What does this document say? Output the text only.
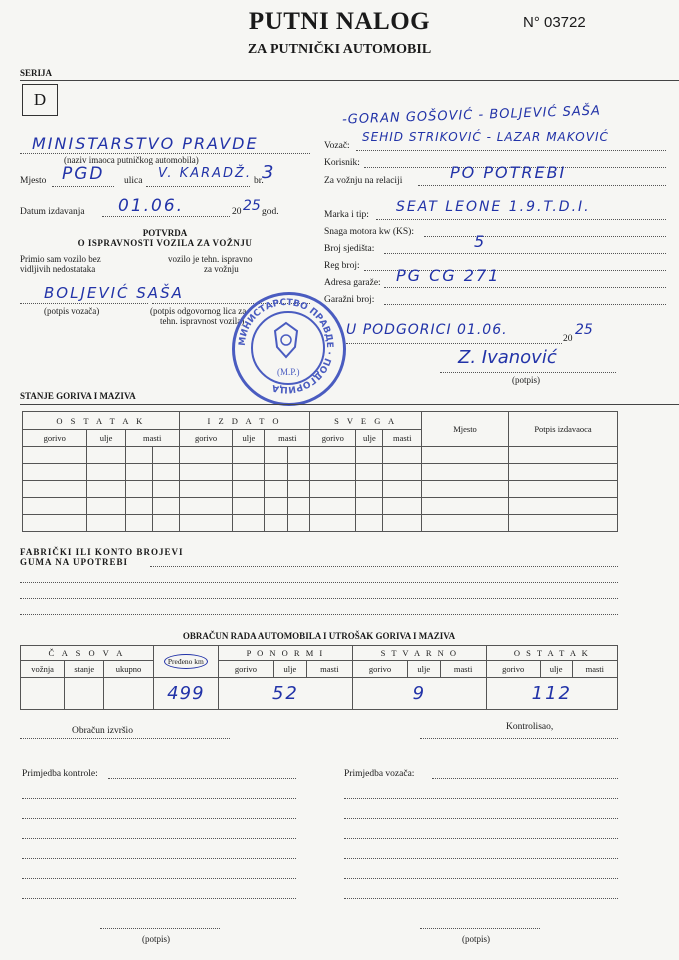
PUTNI NALOG	N° 03722
ZA PUTNIČKI AUTOMOBIL
SERIJA
D
MINISTARSTVO PRAVDE
(naziv imaoca putničkog automobila)
Mjesto PGD ulica V. KARADŽ. br.
3
Datum izdavanja 01.06.	20 25 god.
POTVRDA
O ISPRAVNOSTI VOZILA ZA VOŽNJU
Primio sam vozilo bez
vidljivih nedostataka
vozilo je tehn. ispravno
za vožnju
BOLJEVIĆ SAŠA
(potpis vozača)	(potpis odgovornog lica za
tehn. ispravnost vozila)
МИНИСТАРСТВО ПРАВДЕ · ПОДГОРИЦА
(M.P.)
-GORAN GOŠOVIĆ - BOLJEVIĆ SAŠA
Vozač:
SEHID STRIKOVIĆ - LAZAR MAKOVIĆ
Korisnik:
Za vožnju na relaciji	PO POTREBI
Marka i tip: SEAT LEONE 1.9.T.D.I.
Snaga motora kw (KS):
Broj sjedišta:	5
Reg broj:
Adresa garaže: PG CG 271
Garažni broj:
U PODGORICI 01.06.
20
25
Z. Ivanović
(potpis)
STANJE GORIVA I MAZIVA
O S T A T A K				I Z D A T O				S V E G A			Mjesto	Potpis izdavaoca
gorivo	ulje	masti		gorivo	ulje	masti		gorivo	ulje	masti		

FABRIČKI ILI KONTO BROJEVI
GUMA NA UPOTREBI
OBRAČUN RADA AUTOMOBILA I UTROŠAK GORIVA I MAZIVA
Č A S O V A			Pređeno km	P O N O R M I			S T V A R N O			O S T A T A K		
vožnja	stanje	ukupno		gorivo	ulje	masti	gorivo	ulje	masti	gorivo	ulje	masti
			499	52			9			112		
Obračun izvršio	Kontrolisao,
Primjedba kontrole:	Primjedba vozača:
(potpis)	(potpis)
